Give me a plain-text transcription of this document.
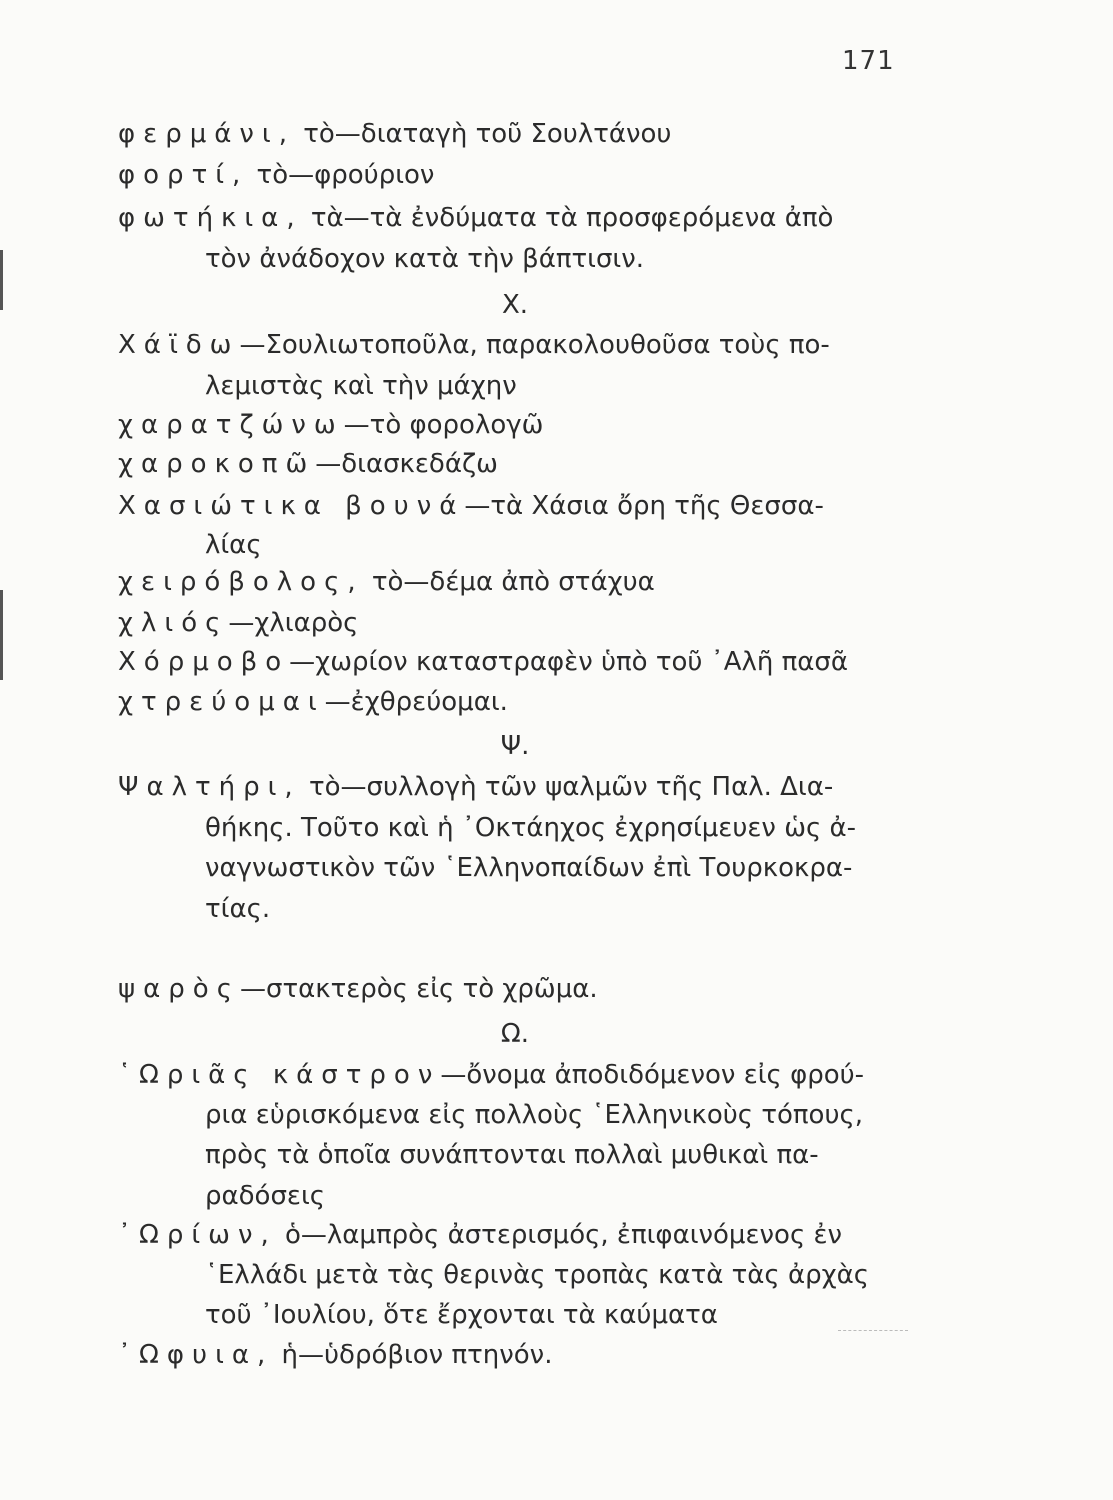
171
φερμάνι, τὸ—διαταγὴ τοῦ Σουλτάνου
φορτί, τὸ—φρούριον
φωτήκια, τὰ—τὰ ἐνδύματα τὰ προσφερόμενα ἀπὸ
τὸν ἀνάδοχον κατὰ τὴν βάπτισιν.
Χ.
Χάϊδω—Σουλιωτοποῦλα, παρακολουθοῦσα τοὺς πο-
λεμιστὰς καὶ τὴν μάχην
χαρατζώνω—τὸ φορολογῶ
χαροκοπῶ—διασκεδάζω
Χασιώτικα βουνά—τὰ Χάσια ὄρη τῆς Θεσσα-
λίας
χειρόβολος, τὸ—δέμα ἀπὸ στάχυα
χλιός—χλιαρὸς
Χόρμοβο—χωρίον καταστραφὲν ὑπὸ τοῦ ᾽Αλῆ πασᾶ
χτρεύομαι—ἐχθρεύομαι.
Ψ.
Ψαλτήρι, τὸ—συλλογὴ τῶν ψαλμῶν τῆς Παλ. Δια-
θήκης. Τοῦτο καὶ ἡ ᾽Οκτάηχος ἐχρησίμευεν ὡς ἀ-
ναγνωστικὸν τῶν ῾Ελληνοπαίδων ἐπὶ Τουρκοκρα-
τίας.
ψαρὸς—στακτερὸς εἰς τὸ χρῶμα.
Ω.
῾Ωριᾶς κάστρον—ὄνομα ἀποδιδόμενον εἰς φρού-
ρια εὑρισκόμενα εἰς πολλοὺς ῾Ελληνικοὺς τόπους,
πρὸς τὰ ὁποῖα συνάπτονται πολλαὶ μυθικαὶ πα-
ραδόσεις
᾽Ωρίων, ὁ—λαμπρὸς ἀστερισμός, ἐπιφαινόμενος ἐν
῾Ελλάδι μετὰ τὰς θερινὰς τροπὰς κατὰ τὰς ἀρχὰς
τοῦ ᾽Ιουλίου, ὅτε ἔρχονται τὰ καύματα
᾽Ωφυια, ἡ—ὑδρόβιον πτηνόν.
